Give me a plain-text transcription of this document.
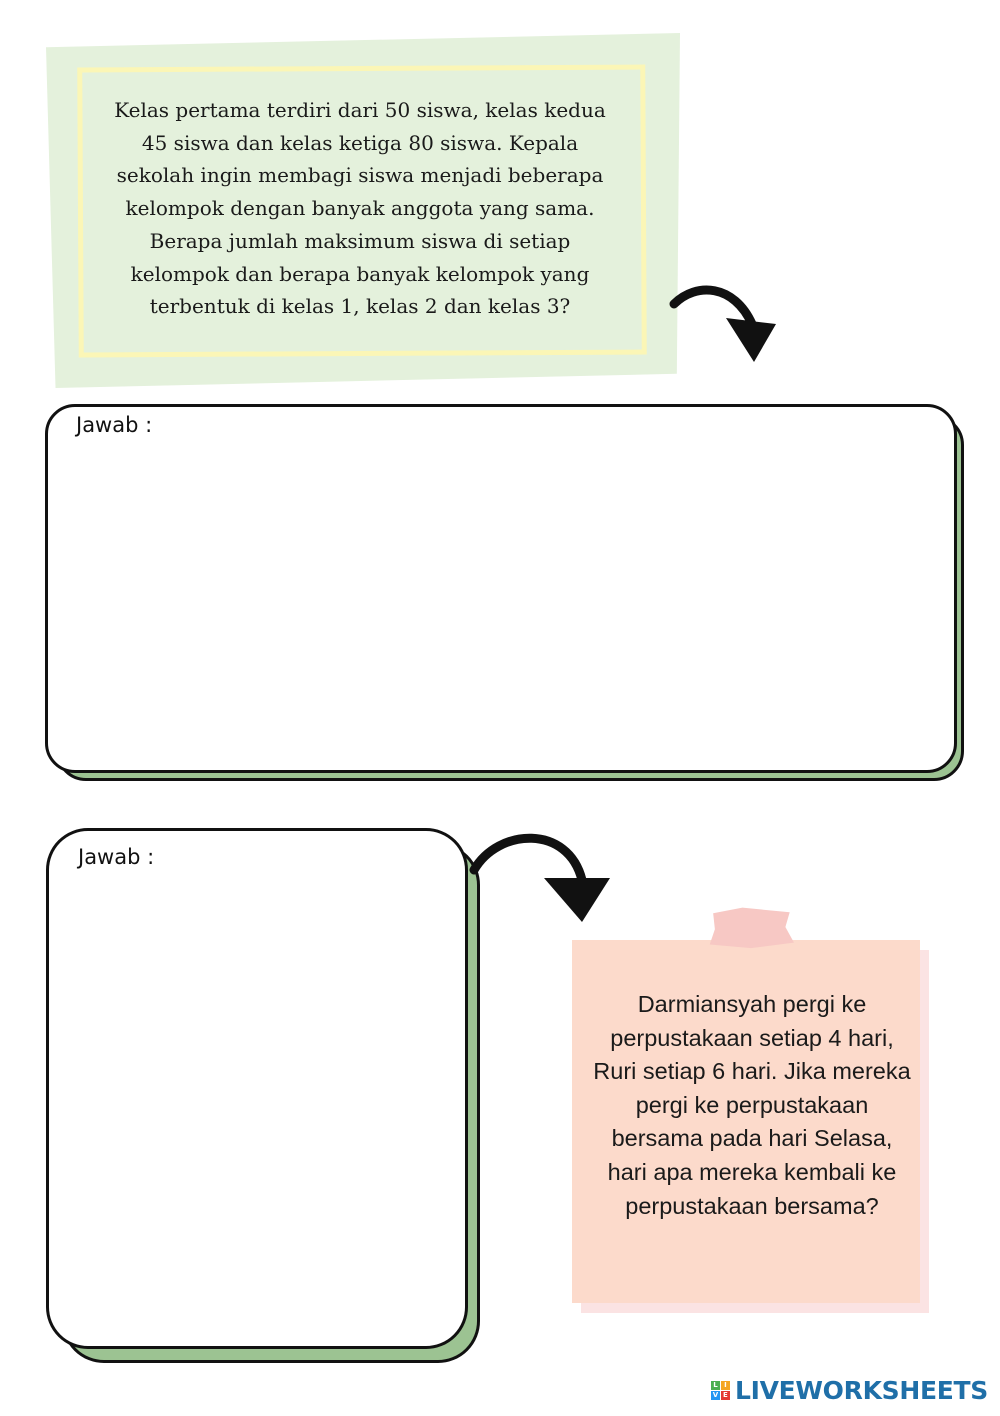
Kelas pertama terdiri dari 50 siswa, kelas kedua 45 siswa dan kelas ketiga 80 siswa. Kepala sekolah ingin membagi siswa menjadi beberapa kelompok dengan banyak anggota yang sama. Berapa jumlah maksimum siswa di setiap kelompok dan berapa banyak kelompok yang terbentuk di kelas 1, kelas 2 dan kelas 3?

Jawab :
Jawab :

Darmiansyah pergi ke perpustakaan setiap 4 hari, Ruri setiap 6 hari. Jika mereka pergi ke perpustakaan bersama pada hari Selasa, hari apa mereka kembali ke perpustakaan bersama?

L I
V E LIVEWORKSHEETS
